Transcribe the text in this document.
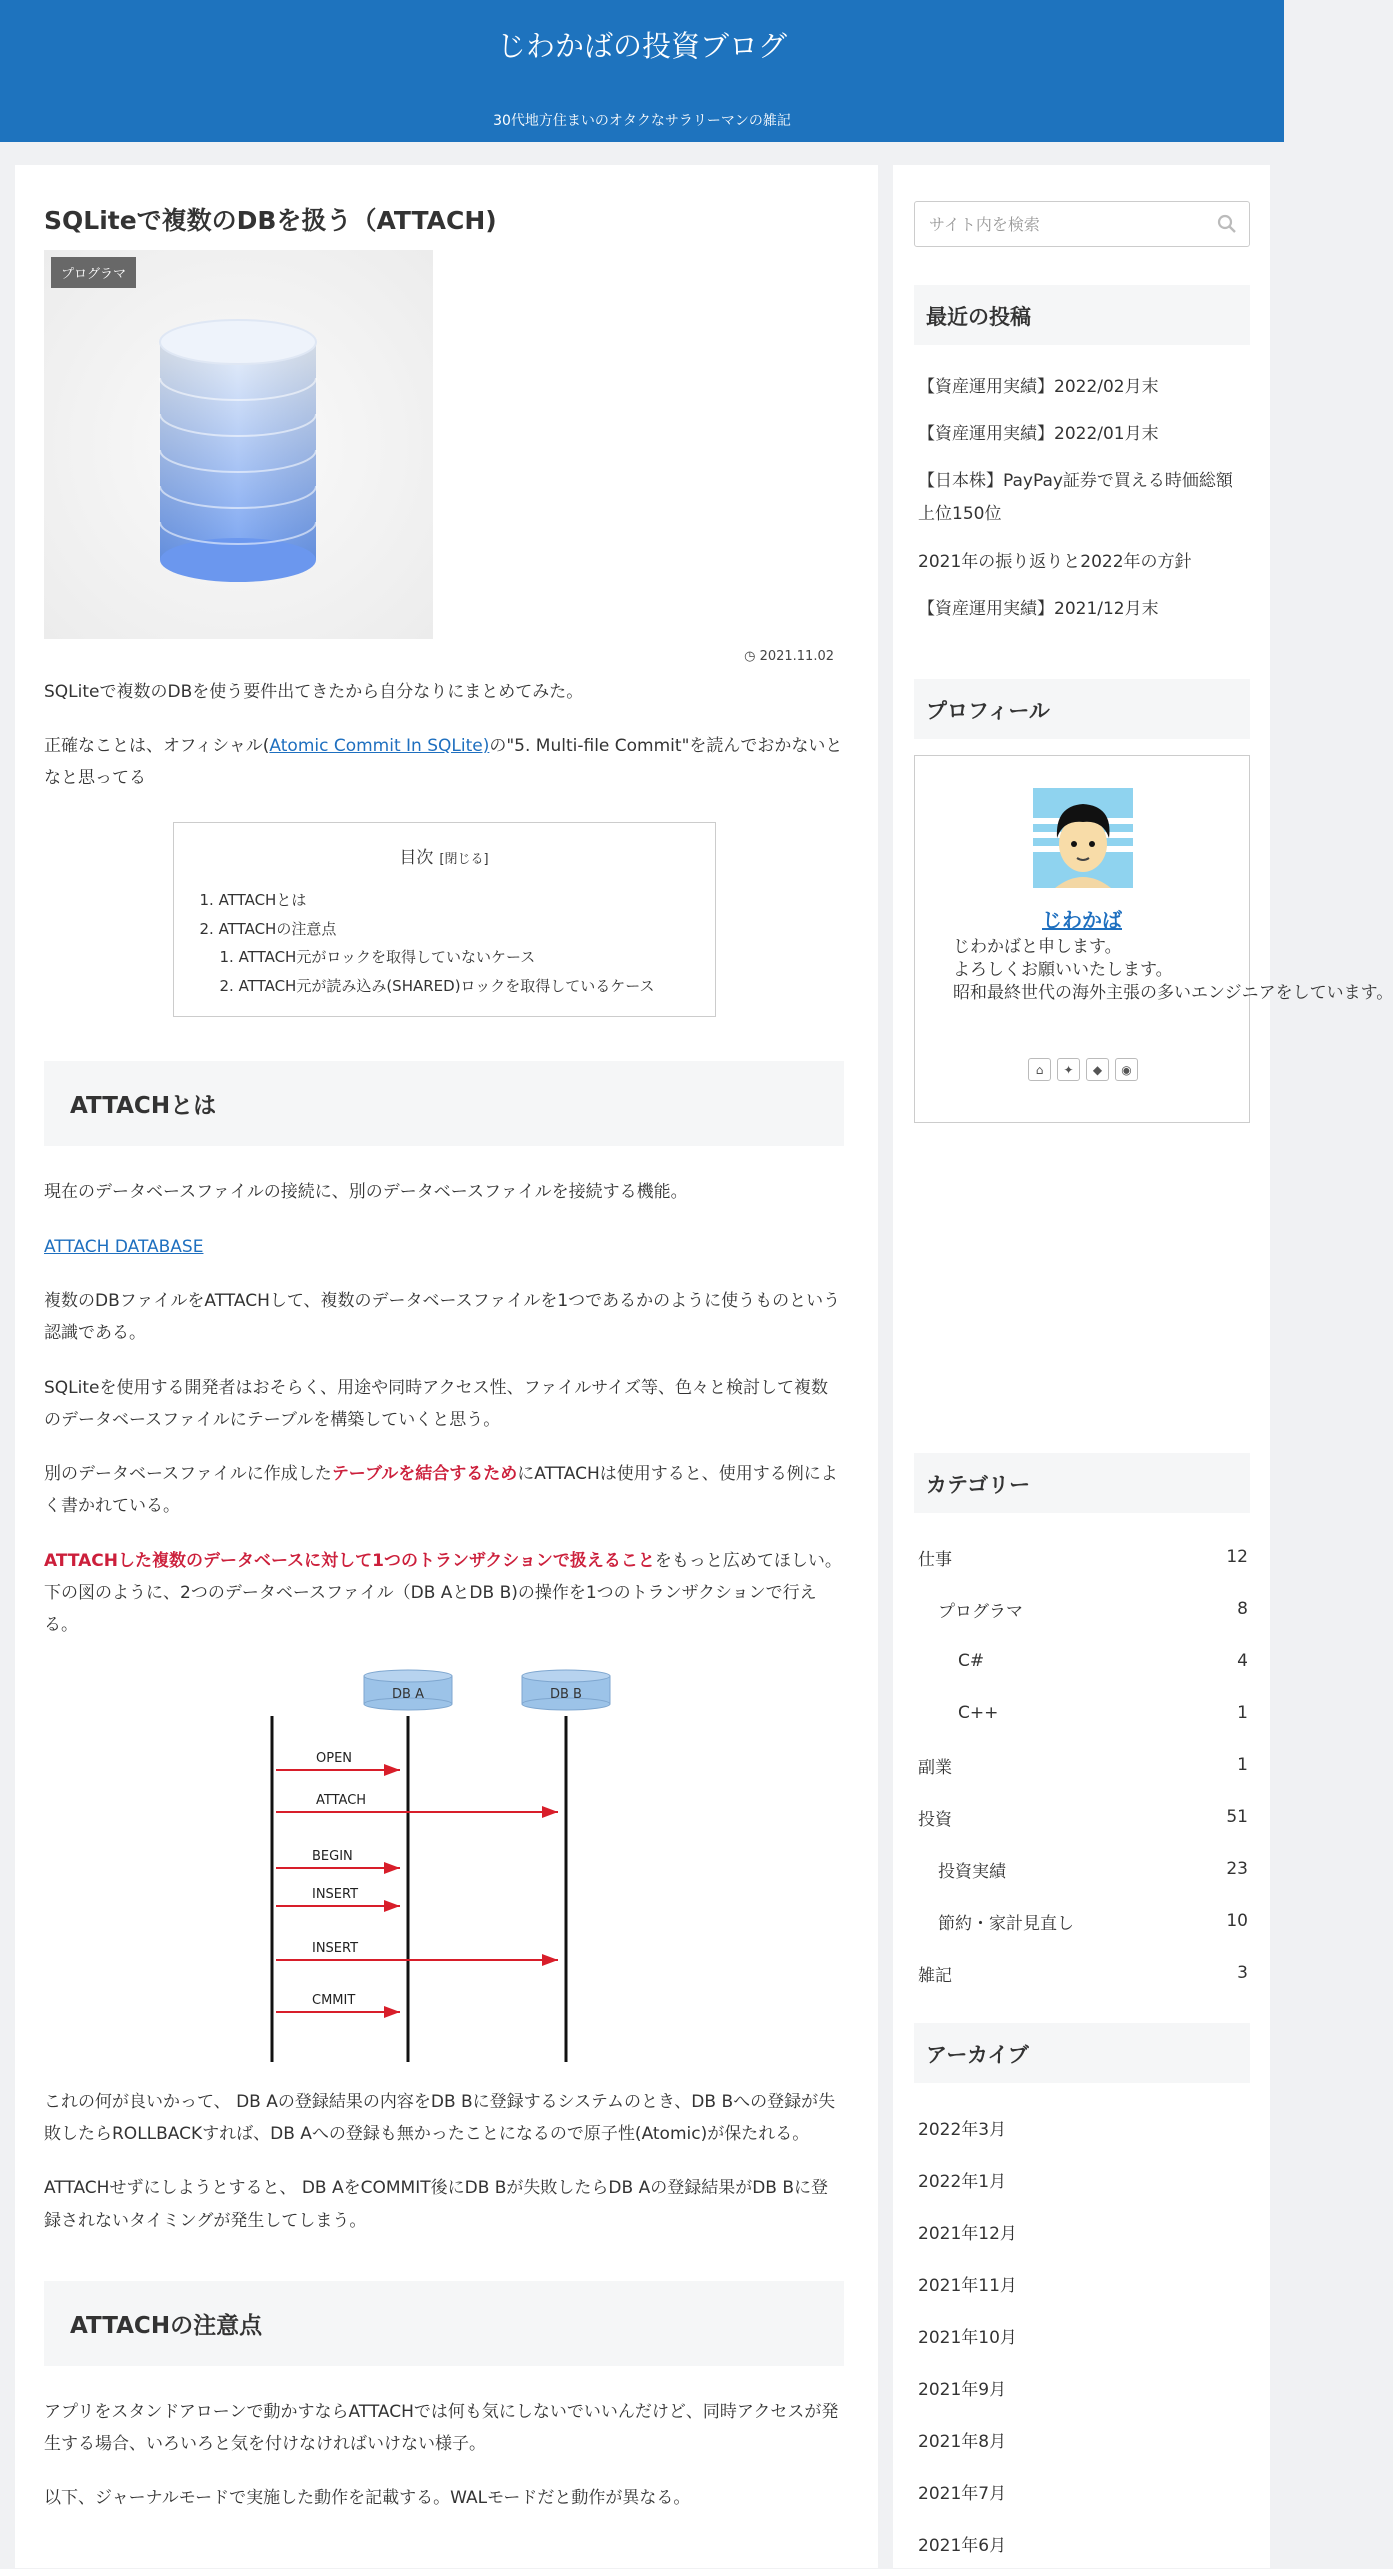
じわかばの投資ブログ
30代地方住まいのオタクなサラリーマンの雑記
SQLiteで複数のDBを扱う（ATTACH)
プログラマ
◷ 2021.11.02

SQLiteで複数のDBを使う要件出てきたから自分なりにまとめてみた。

正確なことは、オフィシャル(Atomic Commit In SQLite)の"5. Multi-file Commit"を読んでおかないとなと思ってる

目次 [閉じる]
1. ATTACHとは
2. ATTACHの注意点
1. ATTACH元がロックを取得していないケース
2. ATTACH元が読み込み(SHARED)ロックを取得しているケース
ATTACHとは

現在のデータベースファイルの接続に、別のデータベースファイルを接続する機能。

ATTACH DATABASE

複数のDBファイルをATTACHして、複数のデータベースファイルを1つであるかのように使うものという認識である。

SQLiteを使用する開発者はおそらく、用途や同時アクセス性、ファイルサイズ等、色々と検討して複数のデータベースファイルにテーブルを構築していくと思う。

別のデータベースファイルに作成したテーブルを結合するためにATTACHは使用すると、使用する例によく書かれている。

ATTACHした複数のデータベースに対して1つのトランザクションで扱えることをもっと広めてほしい。下の図のように、2つのデータベースファイル（DB AとDB B)の操作を1つのトランザクションで行える。

DB A	DB B
OPEN
ATTACH
BEGIN
INSERT
INSERT
CMMIT

これの何が良いかって、 DB Aの登録結果の内容をDB Bに登録するシステムのとき、DB Bへの登録が失敗したらROLLBACKすれば、DB Aへの登録も無かったことになるので原子性(Atomic)が保たれる。

ATTACHせずにしようとすると、 DB AをCOMMIT後にDB Bが失敗したらDB Aの登録結果がDB Bに登録されないタイミングが発生してしまう。

ATTACHの注意点

アプリをスタンドアローンで動かすならATTACHでは何も気にしないでいいんだけど、同時アクセスが発生する場合、いろいろと気を付けなければいけない様子。

以下、ジャーナルモードで実施した動作を記載する。WALモードだと動作が異なる。

サイト内を検索
最近の投稿
【資産運用実績】2022/02月末
【資産運用実績】2022/01月末
【日本株】PayPay証券で買える時価総額上位150位
2021年の振り返りと2022年の方針
【資産運用実績】2021/12月末
プロフィール
じわかば
じわかばと申します。
よろしくお願いいたします。
昭和最終世代の海外主張の多いエンジニアをしています。
⌂	✦	◆	◉
カテゴリー
仕事	12
プログラマ	8
C#	4
C++	1
副業	1
投資	51
投資実績	23
節約・家計見直し	10
雑記	3
アーカイブ
2022年3月
2022年1月
2021年12月
2021年11月
2021年10月
2021年9月
2021年8月
2021年7月
2021年6月
